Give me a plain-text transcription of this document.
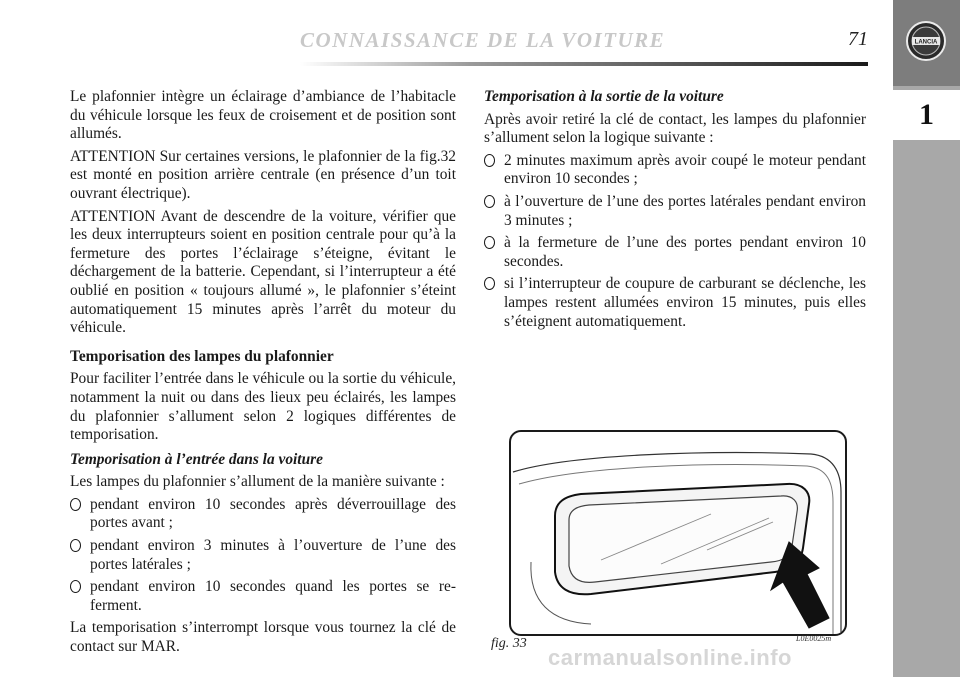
CONNAISSANCE DE LA VOITURE	71	LANCIA
1

Le plafonnier intègre un éclairage d’ambiance de l’habitacle du véhicule lorsque les feux de croisement et de position sont allumés.

ATTENTION Sur certaines versions, le plafonnier de la fig.32 est monté en position arrière centrale (en présence d’un toit ouvrant électrique).

ATTENTION Avant de descendre de la voiture, vérifier que les deux interrupteurs soient en position centrale pour qu’à la fermeture des portes l’éclairage s’éteigne, évitant le déchargement de la batterie. Cependant, si l’interrupteur a été oublié en position « toujours allumé », le plafonnier s’éteint automatiquement 15 minutes après l’arrêt du moteur du véhicule.

Temporisation des lampes du plafonnier

Pour faciliter l’entrée dans le véhicule ou la sortie du véhicule, notamment la nuit ou dans des lieux peu éclairés, les lampes du plafonnier s’allument selon 2 logiques différentes de temporisation.

Temporisation à l’entrée dans la voiture

Les lampes du plafonnier s’allument de la manière suivante :

pendant environ 10 secondes après déverrouillage des portes avant ;
pendant environ 3 minutes à l’ouverture de l’une des portes latérales ;
pendant environ 10 secondes quand les portes se referment.

La temporisation s’interrompt lorsque vous tournez la clé de contact sur MAR.

Temporisation à la sortie de la voiture

Après avoir retiré la clé de contact, les lampes du plafonnier s’allument selon la logique suivante :

2 minutes maximum après avoir coupé le moteur pendant environ 10 secondes ;
à l’ouverture de l’une des portes latérales pendant environ 3 minutes ;
à la fermeture de l’une des portes pendant environ 10 secondes.
si l’interrupteur de coupure de carburant se déclenche, les lampes restent allumées environ 15 minutes, puis elles s’éteignent automatiquement.
fig. 33	L0E0025m
carmanualsonline.info
